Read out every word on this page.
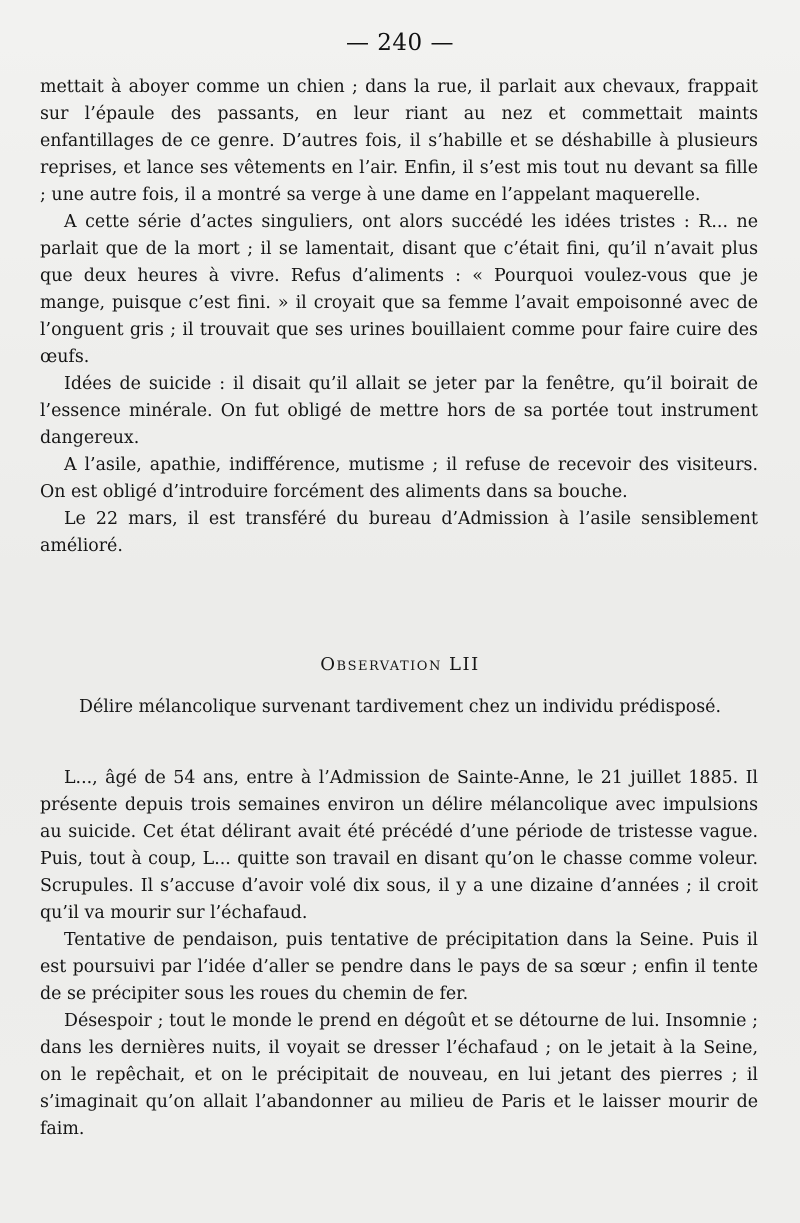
— 240 —

mettait à aboyer comme un chien ; dans la rue, il parlait aux chevaux, frappait sur l’épaule des passants, en leur riant au nez et commettait maints enfantillages de ce genre. D’autres fois, il s’habille et se déshabille à plusieurs reprises, et lance ses vêtements en l’air. Enfin, il s’est mis tout nu devant sa fille ; une autre fois, il a montré sa verge à une dame en l’appelant maquerelle.

A cette série d’actes singuliers, ont alors succédé les idées tristes : R... ne parlait que de la mort ; il se lamentait, disant que c’était fini, qu’il n’avait plus que deux heures à vivre. Refus d’aliments : « Pourquoi voulez-vous que je mange, puisque c’est fini. » il croyait que sa femme l’avait empoisonné avec de l’onguent gris ; il trouvait que ses urines bouillaient comme pour faire cuire des œufs.

Idées de suicide : il disait qu’il allait se jeter par la fenêtre, qu’il boirait de l’essence minérale. On fut obligé de mettre hors de sa portée tout instrument dangereux.

A l’asile, apathie, indifférence, mutisme ; il refuse de recevoir des visiteurs. On est obligé d’introduire forcément des aliments dans sa bouche.

Le 22 mars, il est transféré du bureau d’Admission à l’asile sensiblement amélioré.

Observation LII
Délire mélancolique survenant tardivement chez un individu prédisposé.

L..., âgé de 54 ans, entre à l’Admission de Sainte-Anne, le 21 juillet 1885. Il présente depuis trois semaines environ un délire mélancolique avec impulsions au suicide. Cet état délirant avait été précédé d’une période de tristesse vague. Puis, tout à coup, L... quitte son travail en disant qu’on le chasse comme voleur. Scrupules. Il s’accuse d’avoir volé dix sous, il y a une dizaine d’années ; il croit qu’il va mourir sur l’échafaud.

Tentative de pendaison, puis tentative de précipitation dans la Seine. Puis il est poursuivi par l’idée d’aller se pendre dans le pays de sa sœur ; enfin il tente de se précipiter sous les roues du chemin de fer.

Désespoir ; tout le monde le prend en dégoût et se détourne de lui. Insomnie ; dans les dernières nuits, il voyait se dresser l’échafaud ; on le jetait à la Seine, on le repêchait, et on le précipitait de nouveau, en lui jetant des pierres ; il s’imaginait qu’on allait l’abandonner au milieu de Paris et le laisser mourir de faim.
